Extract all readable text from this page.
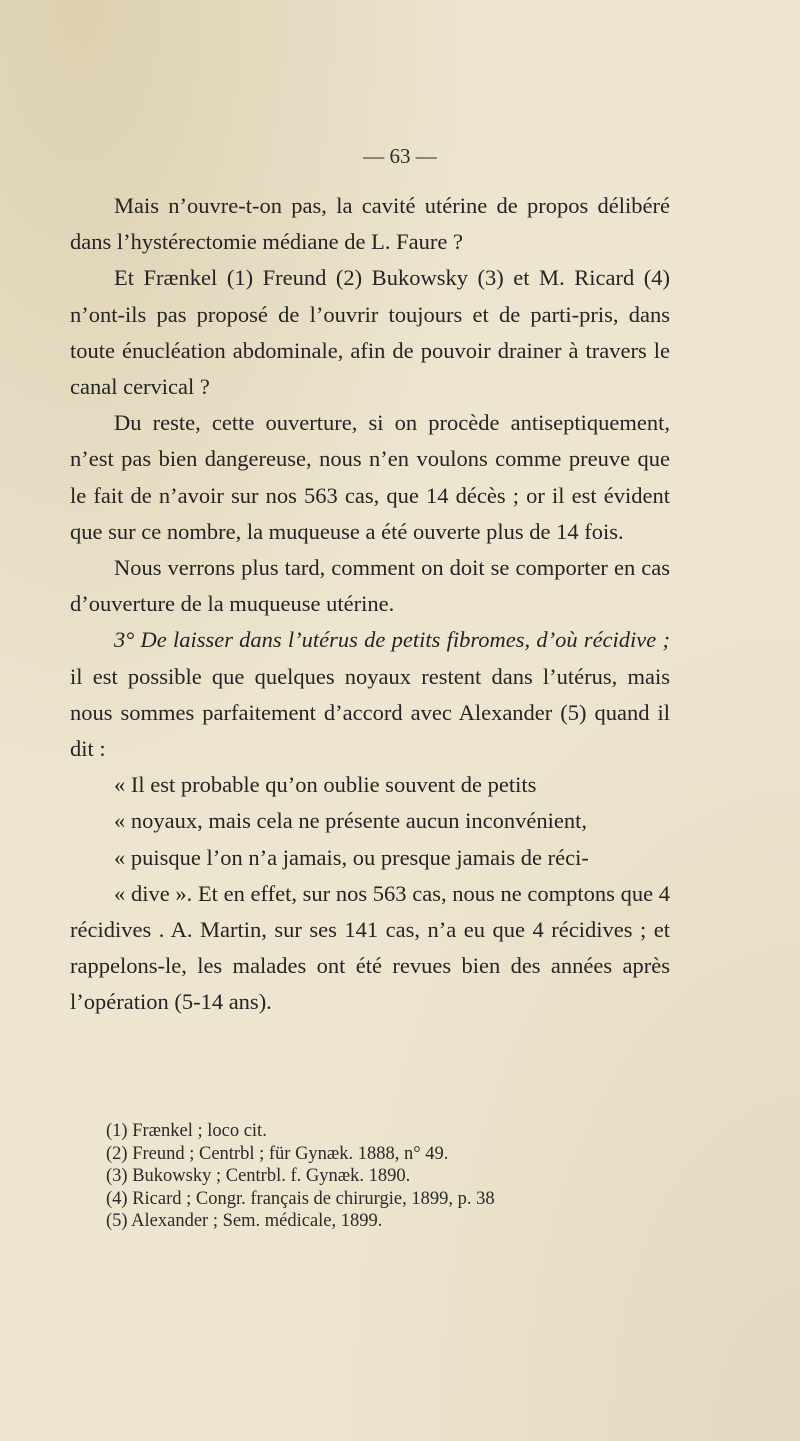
— 63 —

Mais n’ouvre-t-on pas, la cavité utérine de propos délibéré dans l’hystérectomie médiane de L. Faure ?

Et Frænkel (1) Freund (2) Bukowsky (3) et M. Ricard (4) n’ont-ils pas proposé de l’ouvrir toujours et de parti-pris, dans toute énucléation abdominale, afin de pouvoir drainer à travers le canal cervical ?

Du reste, cette ouverture, si on procède antiseptiquement, n’est pas bien dangereuse, nous n’en voulons comme preuve que le fait de n’avoir sur nos 563 cas, que 14 décès ; or il est évident que sur ce nombre, la muqueuse a été ouverte plus de 14 fois.

Nous verrons plus tard, comment on doit se comporter en cas d’ouverture de la muqueuse utérine.

3° De laisser dans l’utérus de petits fibromes, d’où récidive ; il est possible que quelques noyaux restent dans l’utérus, mais nous sommes parfaitement d’accord avec Alexander (5) quand il dit :

« Il est probable qu’on oublie souvent de petits
« noyaux, mais cela ne présente aucun inconvénient,
« puisque l’on n’a jamais, ou presque jamais de réci-
« dive ». Et en effet, sur nos 563 cas, nous ne comptons que 4 récidives . A. Martin, sur ses 141 cas, n’a eu que 4 récidives ; et rappelons-le, les malades ont été revues bien des années après l’opération (5-14 ans).
(1) Frænkel ; loco cit.
(2) Freund ; Centrbl ; für Gynæk. 1888, n° 49.
(3) Bukowsky ; Centrbl. f. Gynæk. 1890.
(4) Ricard ; Congr. français de chirurgie, 1899, p. 38
(5) Alexander ; Sem. médicale, 1899.
